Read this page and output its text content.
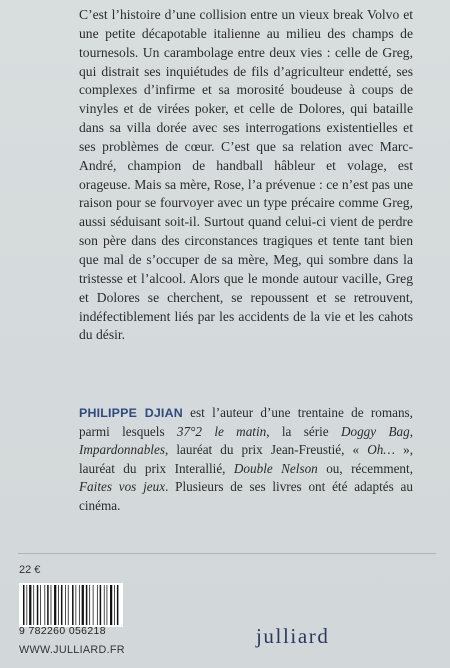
C’est l’histoire d’une collision entre un vieux break Volvo et une petite décapotable italienne au milieu des champs de tournesols. Un carambolage entre deux vies : celle de Greg, qui distrait ses inquiétudes de fils d’agriculteur endetté, ses complexes d’infirme et sa morosité boudeuse à coups de vinyles et de virées poker, et celle de Dolores, qui bataille dans sa villa dorée avec ses interrogations existentielles et ses problèmes de cœur. C’est que sa relation avec Marc-André, champion de handball hâbleur et volage, est orageuse. Mais sa mère, Rose, l’a prévenue : ce n’est pas une raison pour se fourvoyer avec un type précaire comme Greg, aussi séduisant soit-il. Surtout quand celui-ci vient de perdre son père dans des circonstances tragiques et tente tant bien que mal de s’occuper de sa mère, Meg, qui sombre dans la tristesse et l’alcool. Alors que le monde autour vacille, Greg et Dolores se cherchent, se repoussent et se retrouvent, indéfectiblement liés par les accidents de la vie et les cahots du désir.

PHILIPPE DJIAN est l’auteur d’une trentaine de romans, parmi lesquels 37°2 le matin, la série Doggy Bag, Impardonnables, lauréat du prix Jean-Freustié, « Oh… », lauréat du prix Interallié, Double Nelson ou, récemment, Faites vos jeux. Plusieurs de ses livres ont été adaptés au cinéma.

22 €

9 782260 056218

WWW.JULLIARD.FR
julliard
